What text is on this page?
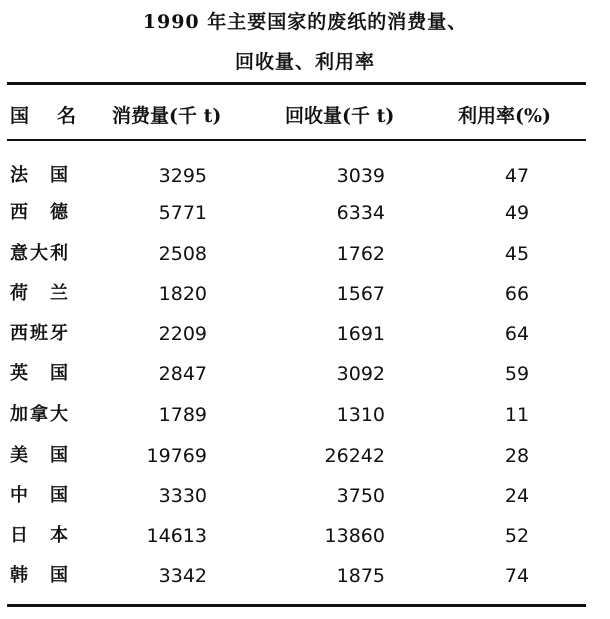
1990 年主要国家的废纸的消费量、
回收量、利用率
国 名	消费量(千 t)	回收量(千 t)	利用率(%)
法　国	3295	3039	47
西　德	5771	6334	49
意大利	2508	1762	45
荷　兰	1820	1567	66
西班牙	2209	1691	64
英　国	2847	3092	59
加拿大	1789	1310	11
美　国	19769	26242	28
中　国	3330	3750	24
日　本	14613	13860	52
韩　国	3342	1875	74
